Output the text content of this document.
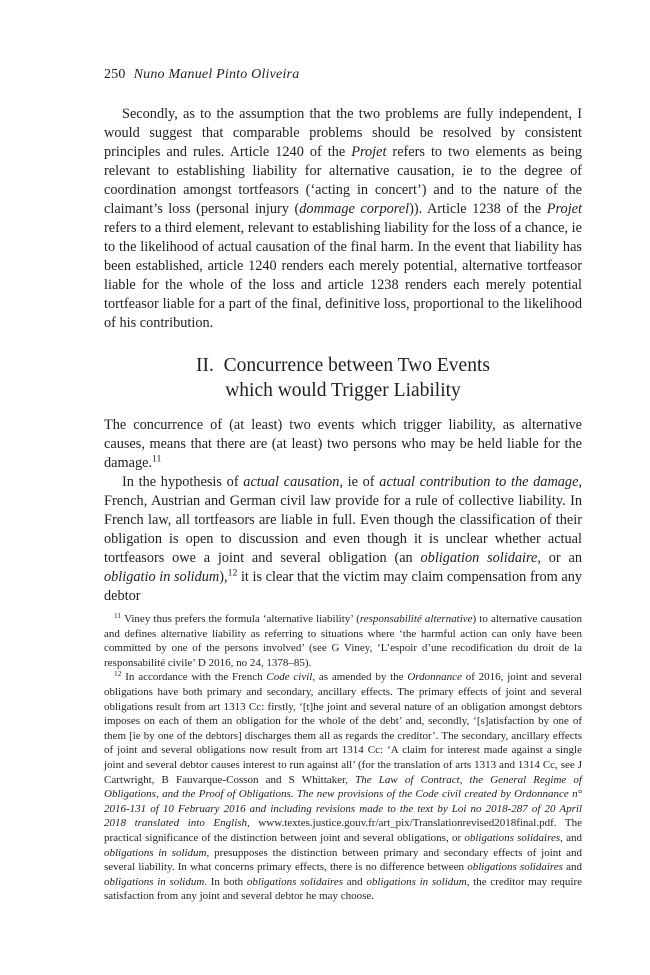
250 Nuno Manuel Pinto Oliveira

Secondly, as to the assumption that the two problems are fully independent, I would suggest that comparable problems should be resolved by consistent principles and rules. Article 1240 of the Projet refers to two elements as being relevant to establishing liability for alternative causation, ie to the degree of coordination amongst tortfeasors (‘acting in concert’) and to the nature of the claimant’s loss (personal injury (dommage corporel)). Article 1238 of the Projet refers to a third element, relevant to establishing liability for the loss of a chance, ie to the likelihood of actual causation of the final harm. In the event that liability has been established, article 1240 renders each merely potential, alternative tortfeasor liable for the whole of the loss and article 1238 renders each merely potential tortfeasor liable for a part of the final, definitive loss, proportional to the likelihood of his contribution.

II.  Concurrence between Two Events
which would Trigger Liability

The concurrence of (at least) two events which trigger liability, as alternative causes, means that there are (at least) two persons who may be held liable for the damage.$^{11}$

In the hypothesis of actual causation, ie of actual contribution to the damage, French, Austrian and German civil law provide for a rule of collective liability. In French law, all tortfeasors are liable in full. Even though the classification of their obligation is open to discussion and even though it is unclear whether actual tortfeasors owe a joint and several obligation (an obligation solidaire, or an obligatio in solidum),$^{12}$ it is clear that the victim may claim compensation from any debtor

$^{11}$ Viney thus prefers the formula ‘alternative liability’ (responsabilité alternative) to alternative causation and defines alternative liability as referring to situations where ‘the harmful action can only have been committed by one of the persons involved’ (see G Viney, ‘L’espoir d’une recodification du droit de la responsabilité civile’ D 2016, no 24, 1378–85).

$^{12}$ In accordance with the French Code civil, as amended by the Ordonnance of 2016, joint and several obligations have both primary and secondary, ancillary effects. The primary effects of joint and several obligations result from art 1313 Cc: firstly, ‘[t]he joint and several nature of an obligation amongst debtors imposes on each of them an obligation for the whole of the debt’ and, secondly, ‘[s]atisfaction by one of them [ie by one of the debtors] discharges them all as regards the creditor’. The secondary, ancillary effects of joint and several obligations now result from art 1314 Cc: ‘A claim for interest made against a single joint and several debtor causes interest to run against all’ (for the translation of arts 1313 and 1314 Cc, see J Cartwright, B Fauvarque-Cosson and S Whittaker, The Law of Contract, the General Regime of Obligations, and the Proof of Obligations. The new provisions of the Code civil created by Ordonnance n° 2016-131 of 10 February 2016 and including revisions made to the text by Loi no 2018-287 of 20 April 2018 translated into English, www.textes.justice.gouv.fr/art_pix/Translationrevised2018final.pdf. The practical significance of the distinction between joint and several obligations, or obligations solidaires, and obligations in solidum, presupposes the distinction between primary and secondary effects of joint and several liability. In what concerns primary effects, there is no difference between obligations solidaires and obligations in solidum. In both obligations solidaires and obligations in solidum, the creditor may require satisfaction from any joint and several debtor he may choose.
